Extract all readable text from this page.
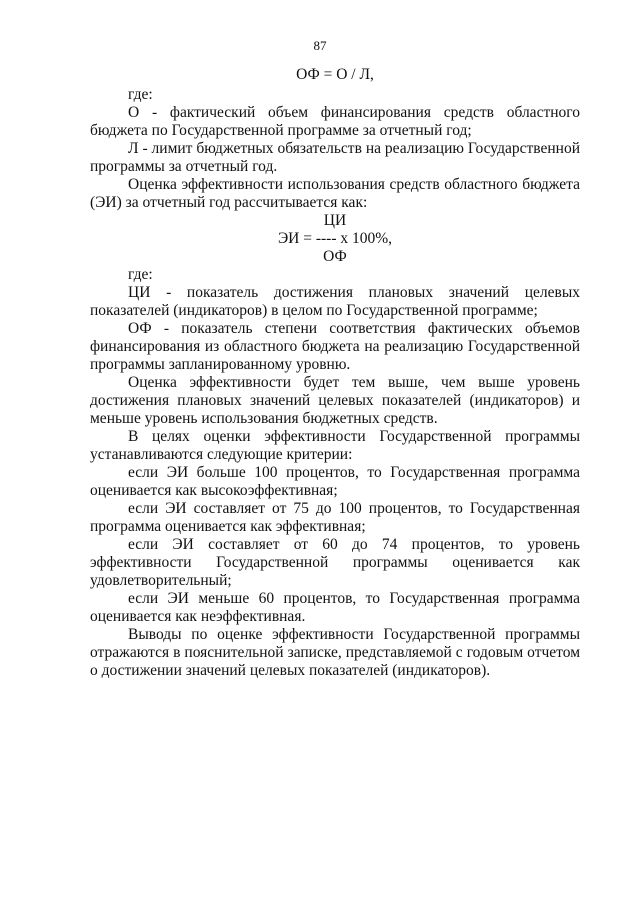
87
ОФ = О / Л,
где:

О - фактический объем финансирования средств областного бюджета по Государственной программе за отчетный год;

Л - лимит бюджетных обязательств на реализацию Государственной программы за отчетный год.

Оценка эффективности использования средств областного бюджета (ЭИ) за отчетный год рассчитывается как:

ЦИ
ЭИ = ---- х 100%,
ОФ
где:

ЦИ - показатель достижения плановых значений целевых показателей (индикаторов) в целом по Государственной программе;

ОФ - показатель степени соответствия фактических объемов финансирования из областного бюджета на реализацию Государственной программы запланированному уровню.

Оценка эффективности будет тем выше, чем выше уровень достижения плановых значений целевых показателей (индикаторов) и меньше уровень использования бюджетных средств.

В целях оценки эффективности Государственной программы устанавливаются следующие критерии:

если ЭИ больше 100 процентов, то Государственная программа оценивается как высокоэффективная;

если ЭИ составляет от 75 до 100 процентов, то Государственная программа оценивается как эффективная;

если ЭИ составляет от 60 до 74 процентов, то уровень эффективности Государственной программы оценивается как удовлетворительный;

если ЭИ меньше 60 процентов, то Государственная программа оценивается как неэффективная.

Выводы по оценке эффективности Государственной программы отражаются в пояснительной записке, представляемой с годовым отчетом о достижении значений целевых показателей (индикаторов).
